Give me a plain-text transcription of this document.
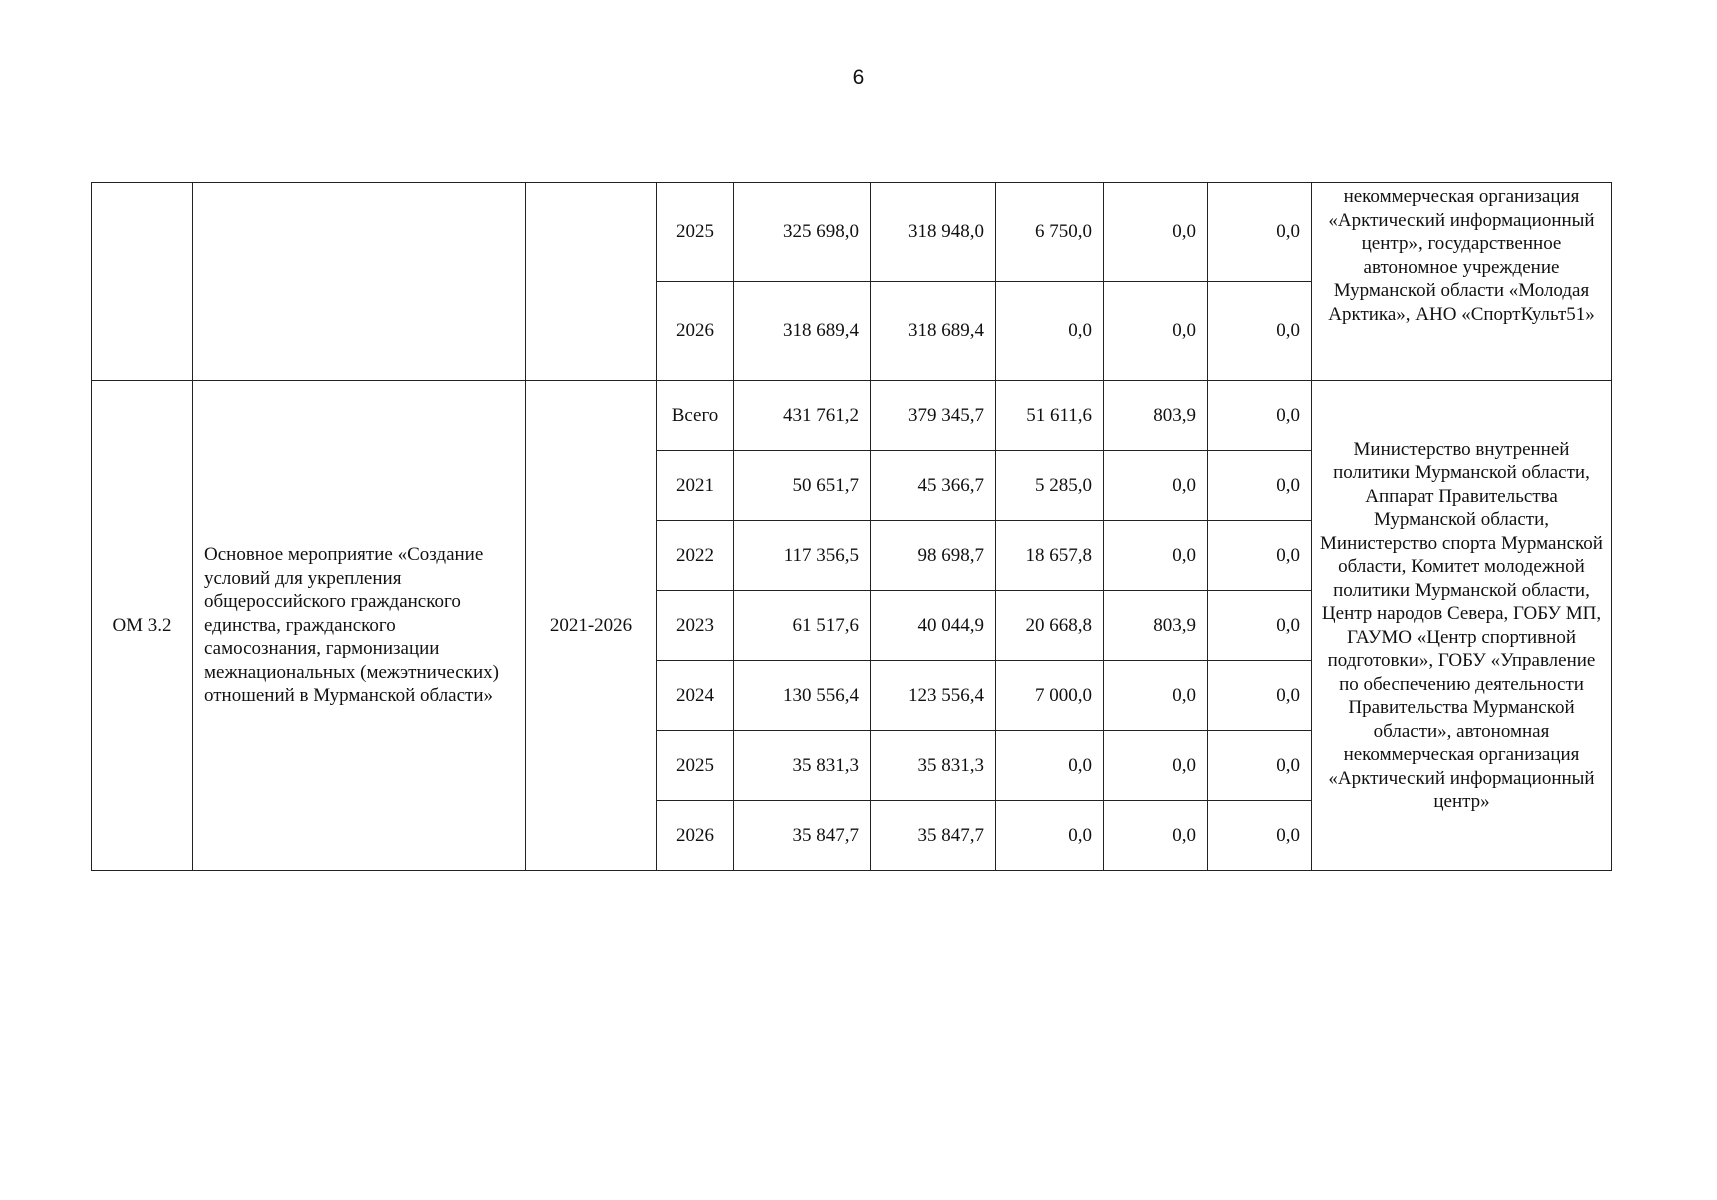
6
			2025	325 698,0	318 948,0	6 750,0	0,0	0,0	некоммерческая организация «Арктический информационный центр», государственное автономное учреждение Мурманской области «Молодая Арктика», АНО «СпортКульт51»
			2026	318 689,4	318 689,4	0,0	0,0	0,0	
ОМ 3.2	Основное мероприятие «Создание условий для укрепления общероссийского гражданского единства, гражданского самосознания, гармонизации межнациональных (межэтнических) отношений в Мурманской области»	2021-2026	Всего	431 761,2	379 345,7	51 611,6	803,9	0,0	Министерство внутренней политики Мурманской области, Аппарат Правительства Мурманской области, Министерство спорта Мурманской области, Комитет молодежной политики Мурманской области, Центр народов Севера, ГОБУ МП, ГАУМО «Центр спортивной подготовки», ГОБУ «Управление по обеспечению деятельности Правительства Мурманской области», автономная некоммерческая организация «Арктический информационный центр»
			2021	50 651,7	45 366,7	5 285,0	0,0	0,0	
			2022	117 356,5	98 698,7	18 657,8	0,0	0,0	
			2023	61 517,6	40 044,9	20 668,8	803,9	0,0	
			2024	130 556,4	123 556,4	7 000,0	0,0	0,0	
			2025	35 831,3	35 831,3	0,0	0,0	0,0	
			2026	35 847,7	35 847,7	0,0	0,0	0,0	
